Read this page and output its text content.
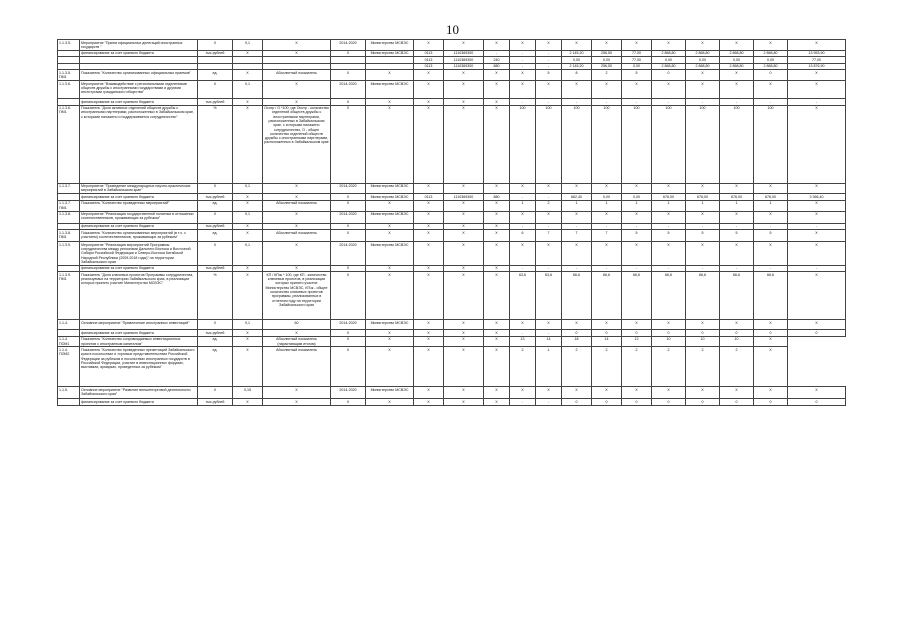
10
1.1.3.5.	Мероприятие "Прием официальных делегаций иностранных государств "	X	0,1	X	2014-2020	Министерство МСВЭС	X	X	X	X	X	X	X	X	X	X	X	X	X
	финансирование за счет краевого бюджета	тыс.рублей	X	X	X	Министерство МСВЭС	0113	1110369300	-	-	-	2 145,20	256,50	77,00	2 868,80	2 868,80	2 868,80	2 868,80	13 953,90
							0113	1110369300	240	-	-	0,00	0,00	77,00	0,00	0,00	0,00	0,00	77,00
							0113	1110369300	880	-	-	2 145,20	256,50	0,00	2 868,80	2 868,80	2 868,80	2 868,80	13 876,90
1.1.3.5. ПМ1	Показатель "Количество организованных официальных приемов"	ед.	X	Абсолютный показатель	X	X	X	X	X	X	5	8	2	5	0	X	X	0	X
1.1.3.6.	Мероприятие "Взаимодействие с региональными отделениями обществ дружбы с иностранными государствами и другими институтами гражданского общества"	X	0,1	X	2014-2020	Министерство МСВЭС	X	X	X	X	X	X	X	X	X	X	X	X	X
	финансирование за счет краевого бюджета	тыс.рублей	X	X	X	X	X	X	X	-	-	-	-	-	-	-	-	-	-
1.1.3.6. ПМ1	Показатель "Доля активных отделений обществ дружбы с иностранными партнерами, расположенных в Забайкальском крае, с которыми налажено и поддерживается сотрудничество"	%	X	Осотр / О *100, где Осотр - количество отделений обществ дружбы с иностранными партнерами, расположенных в Забайкальском крае, с которыми налажено сотрудничество, О - общее количество отделений обществ дружбы с иностранными партнерами, расположенных в Забайкальском крае	X	X	X	X	X	100	100	100	100	100	100	100	100	100	X
1.1.3.7.	Мероприятие "Проведение международных научно-практических мероприятий в Забайкальском крае"	X	0,1	X	2014-2020	Министерство МСВЭС	X	X	X	X	X	X	X	X	X	X	X	X	X
	финансирование за счет краевого бюджета	тыс.рублей	X	X	X	Министерство МСВЭС	0113	1110369300	880	-	-	662,40	0,00	0,00	676,00	676,00	676,00	676,00	3 366,40
1.1.3.7. ПМ1	Показатель "Количество проведенных мероприятий"	ед.	X	Абсолютный показатель	X	X	X	X	X	1	2	1	1	1	1	1	1	1	X
1.1.3.8.	Мероприятие "Реализация государственной политики в отношении соотечественников, проживающих за рубежом"	X	0,1	X	2014-2020	Министерство МСВЭС	X	X	X	X	X	X	X	X	X	X	X	X	X
	финансирование за счет краевого бюджета	тыс.рублей	X	X	X	X	X	X	X	-	-	-	-	-	-	-	-	-	-
1.1.3.8. ПМ1	Показатель "Количество организованных мероприятий (в т.ч. с участием) соотечественников, проживающих за рубежом"	ед.	X	Абсолютный показатель	X	X	X	X	X	6	7	7	7	5	5	5	5	5	X
1.1.3.9.	Мероприятие "Реализация мероприятий Программы сотрудничества между регионами Дальнего Востока и Восточной Сибири Российской Федерации и Северо-Востока Китайской Народной Республики (2009-2018 годы)" на территории Забайкальского края	X	0,1	X	2014-2020	Министерство МСВЭС	X	X	X	X	X	X	X	X	X	X	X	X	X
	финансирование за счет краевого бюджета	тыс.рублей	X	X	X	X	X	X	X	-	-	-	-	-	-	-	-	-	-
1.1.3.9. ПМ1	Показатель "Доля ключевых проектов Программы сотрудничества, реализуемых на территории Забайкальского края, в реализации которых принято участие Министерство МСВЭС"	%	X	КП / КПзк * 100, где КП - количество ключевых проектов, в реализации которых принято участие Министерство МСВЭС, КПзк - общее количество ключевых проектов программы, реализованных в отчетном году на территории Забайкальского края	X	X	X	X	X	63,6	63,6	66,6	66,6	66,6	66,6	66,6	66,6	66,6	X
1.1.4.	Основное мероприятие "Привлечение иностранных инвестиций"	X	0,1	60	2014-2020	Министерство МСВЭС	X	X	X	X	X	X	X	X	X	X	X	X	X
	финансирование за счет краевого бюджета	тыс.рублей	X	X	X	X	X	X	X	-	-	0	0	0	0	0	0	0	0
1.1.4. ПОМ1	Показатель "Количество сопровождаемых инвестиционных проектов с иностранным капиталом"	ед.	X	Абсолютный показатель (нарастающим итогом)	X	X	X	X	X	13	14	18	14	12	10	10	10	X	
1.1.4. ПОМ2	Показатель "Количество проведенных презентаций Забайкальского края в посольствах и торговых представительствах Российской Федерации за рубежом и посольствах иностранных государств в Российской Федерации, участие в инвестиционных форумах, выставках, ярмарках, проведенных за рубежом"	ед.	X	Абсолютный показатель	X	X	X	X	X	2	1	2	2	2	2	2	2	X	
1.1.5.	Основное мероприятие "Развитие внешнеторговой деятельности Забайкальского края"	X	0,15	X	2014-2020	Министерство МСВЭС	X	X	X	X	X	X	X	X	X	X	X	X	X
	финансирование за счет краевого бюджета	тыс.рублей	X	X	X	X	X	X	X	-	-	0	0	0	0	0	0	0	0
